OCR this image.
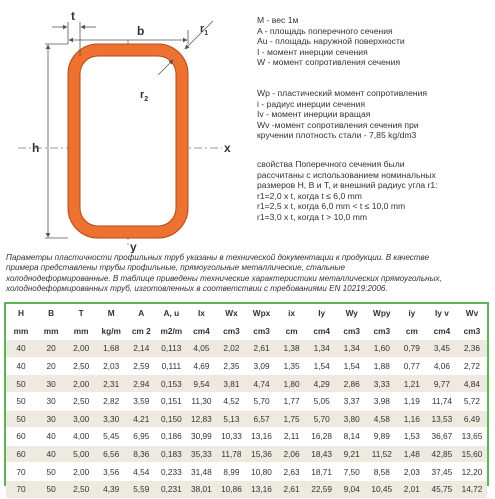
t
b	$r_1$
$r_2$
h	x
y
M - вес 1м
A - площадь поперечного сечения
Au - площадь наружной поверхности
I - момент инерции сечения
W - момент сопротивления сечения
Wp - пластический момент сопротивления
i - радиус инерции сечения
Iv - момент инерции вращая
Wv -момент сопротивления сечения при
кручении плотность стали - 7,85 kg/dm3
свойства Поперечного сечения были
рассчитаны с использованием номинальных
размеров H, B и T, и внешний радиус угла r1:
r1=2,0 x t, когда t ≤ 6,0 mm
r1=2,5 x t, когда 6,0 mm < t ≤ 10,0 mm
r1=3,0 x t, когда t > 10,0 mm
Параметры пластичности профильных труб указаны в технической документации к продукции. В качестве
примера представлены трубы профильные, прямоугольные металлические, стальные
холоднодеформированные. В таблице приведены технические характеристики металлических прямоугольных,
холоднодеформированных труб, изготовленных в соответствии с требованиями EN 10219:2006.
H	B	T	M	A	A, u	Ix	Wx	Wpx	ix	Iy	Wy	Wpy	iy	Iy v	Wv
mm	mm	mm	kg/m	cm 2	m2/m	cm4	cm3	cm3	cm	cm4	cm3	cm3	cm	cm4	cm3
40	20	2,00	1,68	2,14	0,113	4,05	2,02	2,61	1,38	1,34	1,34	1,60	0,79	3,45	2,36
40	20	2,50	2,03	2,59	0,111	4,69	2,35	3,09	1,35	1,54	1,54	1,88	0,77	4,06	2,72
50	30	2,00	2,31	2,94	0,153	9,54	3,81	4,74	1,80	4,29	2,86	3,33	1,21	9,77	4,84
50	30	2,50	2,82	3,59	0,151	11,30	4,52	5,70	1,77	5,05	3,37	3,98	1,19	11,74	5,72
50	30	3,00	3,30	4,21	0,150	12,83	5,13	6,57	1,75	5,70	3,80	4,58	1,16	13,53	6,49
60	40	4,00	5,45	6,95	0,186	30,99	10,33	13,16	2,11	16,28	8,14	9,89	1,53	36,67	13,65
60	40	5,00	6,56	8,36	0,183	35,33	11,78	15,36	2,06	18,43	9,21	11,52	1,48	42,85	15,60
70	50	2,00	3,56	4,54	0,233	31,48	8,99	10,80	2,63	18,71	7,50	8,58	2,03	37,45	12,20
70	50	2,50	4,39	5,59	0,231	38,01	10,86	13,16	2,61	22,59	9,04	10,45	2,01	45,75	14,72
